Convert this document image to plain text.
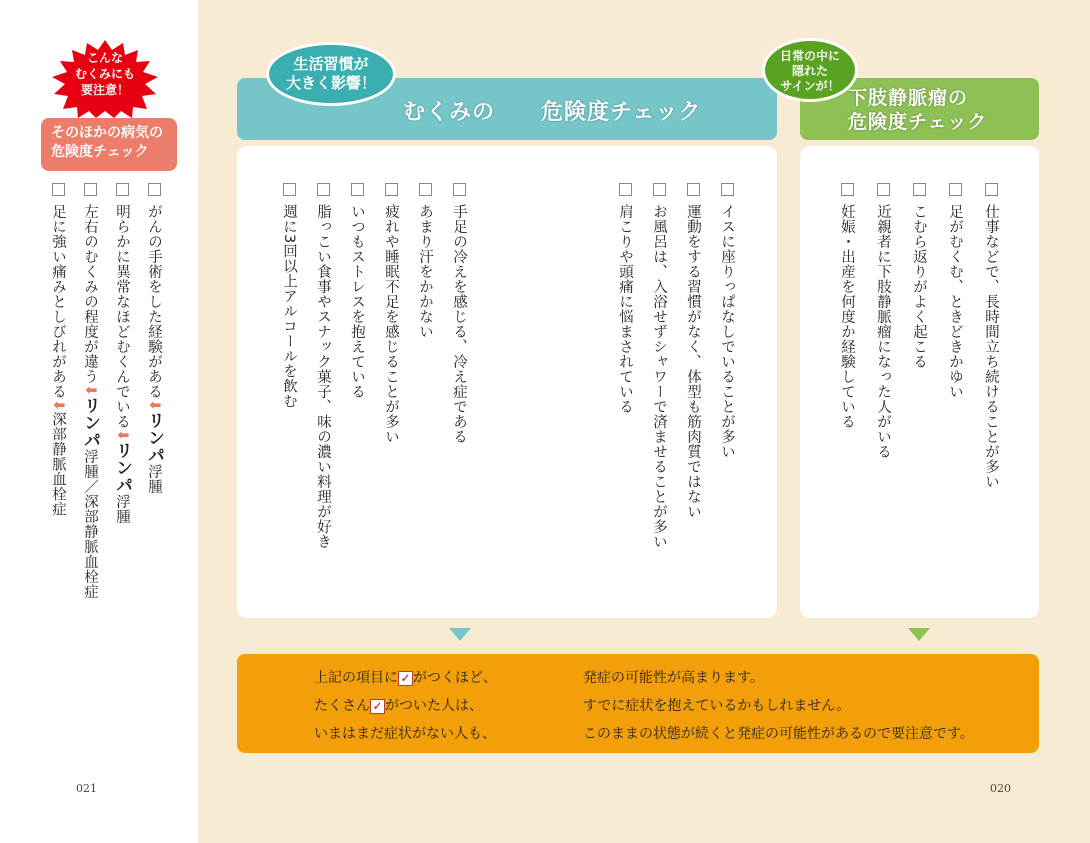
こんな
むくみにも
要注意！
そのほかの病気の
危険度チェック
がんの手術をした経験がある⬇リンパ浮腫
明らかに異常なほどむくんでいる⬇リンパ浮腫
左右のむくみの程度が違う⬇リンパ浮腫／深部静脈血栓症
足に強い痛みとしびれがある⬇深部静脈血栓症
021
むくみの　　危険度チェック
生活習慣が
大きく影響！
下肢静脈瘤の
危険度チェック
日常の中に
隠れた
サインが！
イスに座りっぱなしでいることが多い
運動をする習慣がなく、体型も筋肉質ではない
お風呂は、入浴せずシャワーで済ませることが多い
肩こりや頭痛に悩まされている
手足の冷えを感じる、冷え症である
あまり汗をかかない
疲れや睡眠不足を感じることが多い
いつもストレスを抱えている
脂っこい食事やスナック菓子、味の濃い料理が好き
週に3回以上アルコールを飲む	仕事などで、長時間立ち続けることが多い
足がむくむ、ときどきかゆい
こむら返りがよく起こる
近親者に下肢静脈瘤になった人がいる
妊娠・出産を何度か経験している
上記の項目に ✓ がつくほど、
たくさん ✓ がついた人は、
いまはまだ症状がない人も、
発症の可能性が高まります。
すでに症状を抱えているかもしれません。
このままの状態が続くと発症の可能性があるので要注意です。
020
